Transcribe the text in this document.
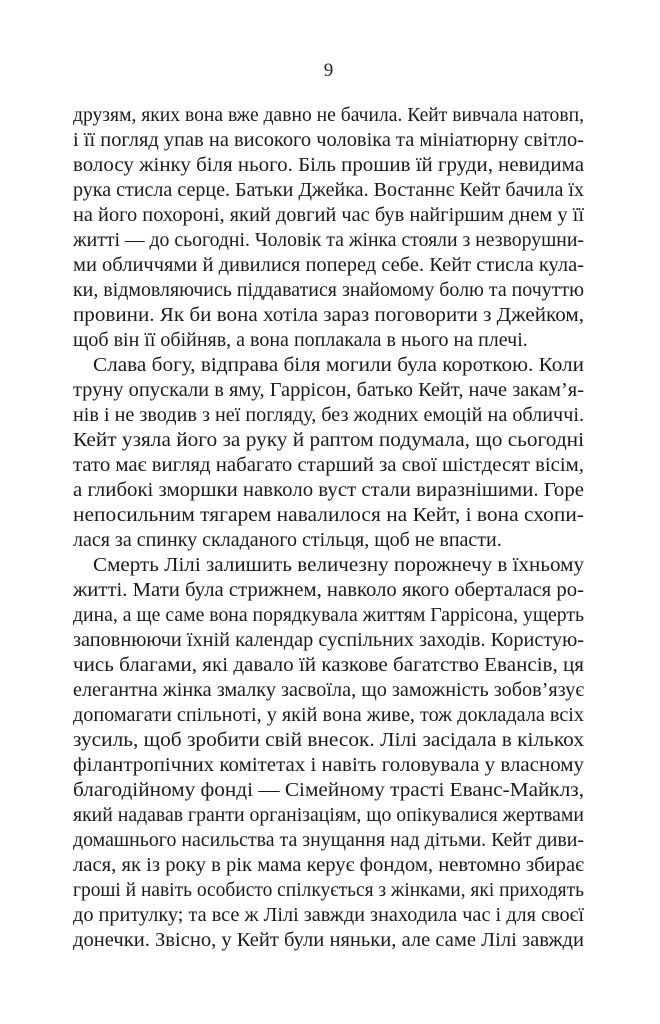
9
друзям, яких вона вже давно не бачила. Кейт вивчала натовп,
і її погляд упав на високого чоловіка та мініатюрну світло-
волосу жінку біля нього. Біль прошив їй груди, невидима
рука стисла серце. Батьки Джейка. Востаннє Кейт бачила їх
на його похороні, який довгий час був найгіршим днем у її
житті — до сьогодні. Чоловік та жінка стояли з незворушни-
ми обличчями й дивилися поперед себе. Кейт стисла кула-
ки, відмовляючись піддаватися знайомому болю та почуттю
провини. Як би вона хотіла зараз поговорити з Джейком,
щоб він її обійняв, а вона поплакала в нього на плечі.
Слава богу, відправа біля могили була короткою. Коли
труну опускали в яму, Гаррісон, батько Кейт, наче закам’я-
нів і не зводив з неї погляду, без жодних емоцій на обличчі.
Кейт узяла його за руку й раптом подумала, що сьогодні
тато має вигляд набагато старший за свої шістдесят вісім,
а глибокі зморшки навколо вуст стали виразнішими. Горе
непосильним тягарем навалилося на Кейт, і вона схопи-
лася за спинку складаного стільця, щоб не впасти.
Смерть Лілі залишить величезну порожнечу в їхньому
житті. Мати була стрижнем, навколо якого оберталася ро-
дина, а ще саме вона порядкувала життям Гаррісона, ущерть
заповнюючи їхній календар суспільних заходів. Користую-
чись благами, які давало їй казкове багатство Евансів, ця
елегантна жінка змалку засвоїла, що заможність зобов’язує
допомагати спільноті, у якій вона живе, тож докладала всіх
зусиль, щоб зробити свій внесок. Лілі засідала в кількох
філантропічних комітетах і навіть головувала у власному
благодійному фонді — Сімейному трасті Еванс-Майклз,
який надавав гранти організаціям, що опікувалися жертвами
домашнього насильства та знущання над дітьми. Кейт диви-
лася, як із року в рік мама керує фондом, невтомно збирає
гроші й навіть особисто спілкується з жінками, які приходять
до притулку; та все ж Лілі завжди знаходила час і для своєї
донечки. Звісно, у Кейт були няньки, але саме Лілі завжди
